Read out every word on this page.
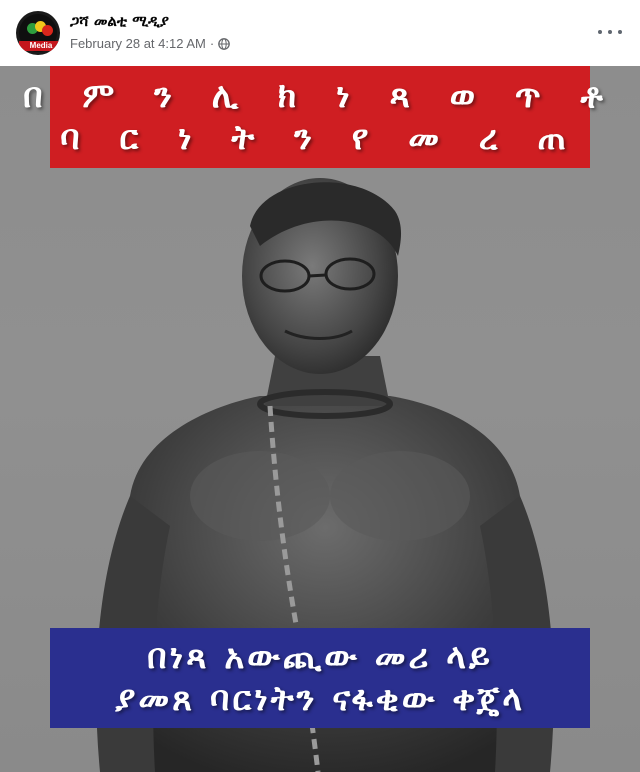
Media
ጋሻ መልቲ ሚዲያ
February 28 at 4:12 AM ·
በ ም ን ሊ ክ ነ ጻ ወ ጥ ቶ
ባ ር ነ ት ን የ መ ረ ጠ
በነጻ አውጪው መሪ ላይ
ያመጸ ባርነትን ናፋቂው ቀጄላ
